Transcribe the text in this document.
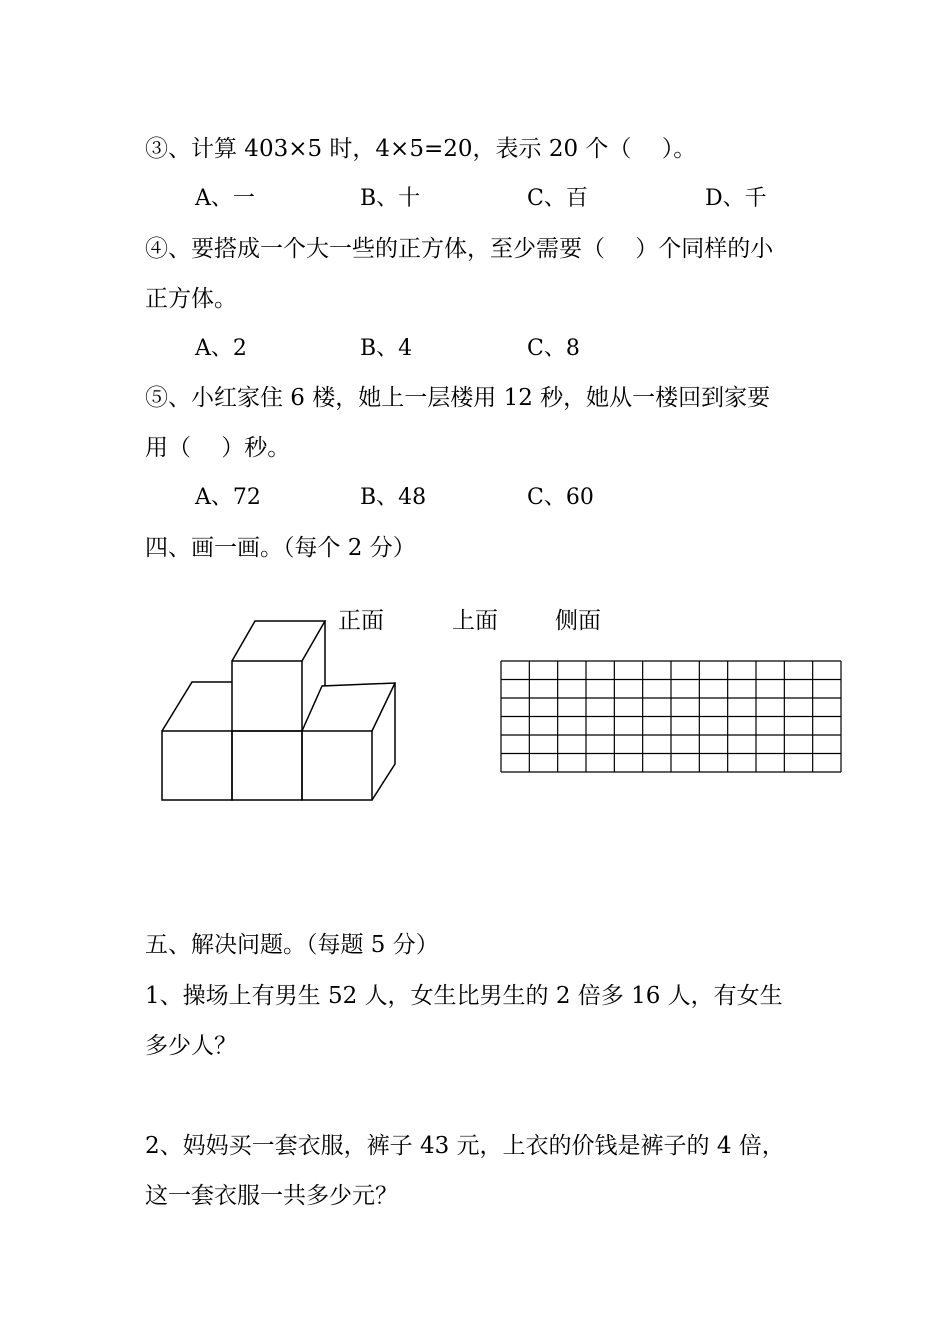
③、计算 403×5 时，4×5=20，表示 20 个（　 ）。
A、一	B、十	C、百	D、千
④、要搭成一个大一些的正方体，至少需要（　 ）个同样的小
正方体。
A、2	B、4	C、8
⑤、小红家住 6 楼，她上一层楼用 12 秒，她从一楼回到家要
用（　 ）秒。
A、72	B、48	C、60
四、画一画。（每个 2 分）
正面	上面 侧面
五、解决问题。（每题 5 分）
1、操场上有男生 52 人，女生比男生的 2 倍多 16 人，有女生
多少人？
2、妈妈买一套衣服，裤子 43 元，上衣的价钱是裤子的 4 倍，
这一套衣服一共多少元？
